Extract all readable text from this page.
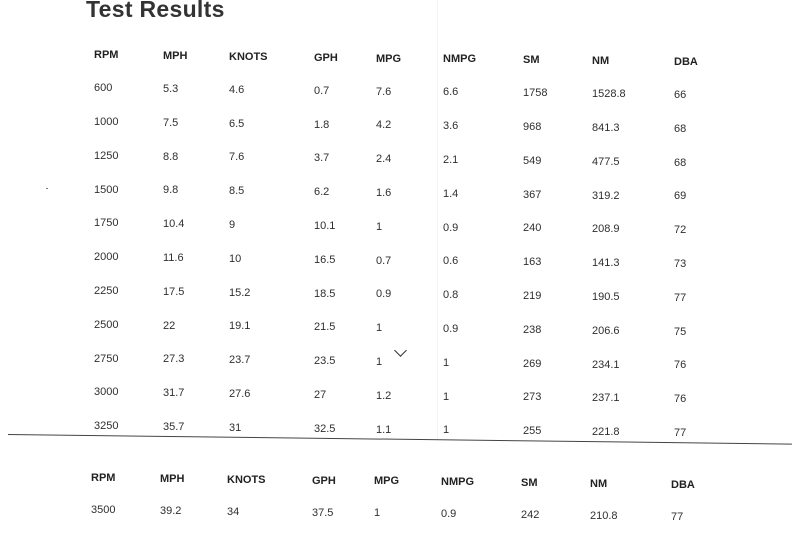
Test Results
RPM	MPH	KNOTS	GPH	MPG	NMPG	SM	NM	DBA
600	5.3	4.6	0.7	7.6	6.6	1758	1528.8	66
1000	7.5	6.5	1.8	4.2	3.6	968	841.3	68
1250	8.8	7.6	3.7	2.4	2.1	549	477.5	68
1500	9.8	8.5	6.2	1.6	1.4	367	319.2	69
1750	10.4	9	10.1	1	0.9	240	208.9	72
2000	11.6	10	16.5	0.7	0.6	163	141.3	73
2250	17.5	15.2	18.5	0.9	0.8	219	190.5	77
2500	22	19.1	21.5	1	0.9	238	206.6	75
2750	27.3	23.7	23.5	1	1	269	234.1	76
3000	31.7	27.6	27	1.2	1	273	237.1	76
3250	35.7	31	32.5	1.1	1	255	221.8	77
RPM	MPH	KNOTS	GPH	MPG	NMPG	SM	NM	DBA
3500	39.2	34	37.5	1	0.9	242	210.8	77
